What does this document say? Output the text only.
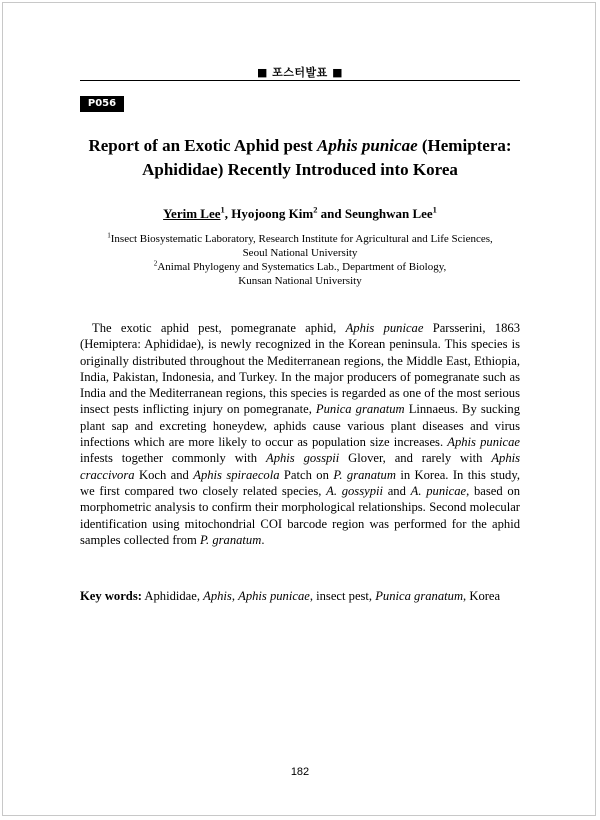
■ 포스터발표 ■
P056
Report of an Exotic Aphid pest Aphis punicae (Hemiptera:
Aphididae) Recently Introduced into Korea
Yerim Lee$^1$, Hyojoong Kim$^2$ and Seunghwan Lee$^1$
$^1$Insect Biosystematic Laboratory, Research Institute for Agricultural and Life Sciences,
Seoul National University
$^2$Animal Phylogeny and Systematics Lab., Department of Biology,
Kunsan National University

The exotic aphid pest, pomegranate aphid, Aphis punicae Parsserini, 1863 (Hemiptera: Aphididae), is newly recognized in the Korean peninsula. This species is originally distributed throughout the Mediterranean regions, the Middle East, Ethiopia, India, Pakistan, Indonesia, and Turkey. In the major producers of pomegranate such as India and the Mediterranean regions, this species is regarded as one of the most serious insect pests inflicting injury on pomegranate, Punica granatum Linnaeus. By sucking plant sap and excreting honeydew, aphids cause various plant diseases and virus infections which are more likely to occur as population size increases. Aphis punicae infests together commonly with Aphis gosspii Glover, and rarely with Aphis craccivora Koch and Aphis spiraecola Patch on P. granatum in Korea. In this study, we first compared two closely related species, A. gossypii and A. punicae, based on morphometric analysis to confirm their morphological relationships. Second molecular identification using mitochondrial COI barcode region was performed for the aphid samples collected from P. granatum.

Key words: Aphididae, Aphis, Aphis punicae, insect pest, Punica granatum, Korea

182
